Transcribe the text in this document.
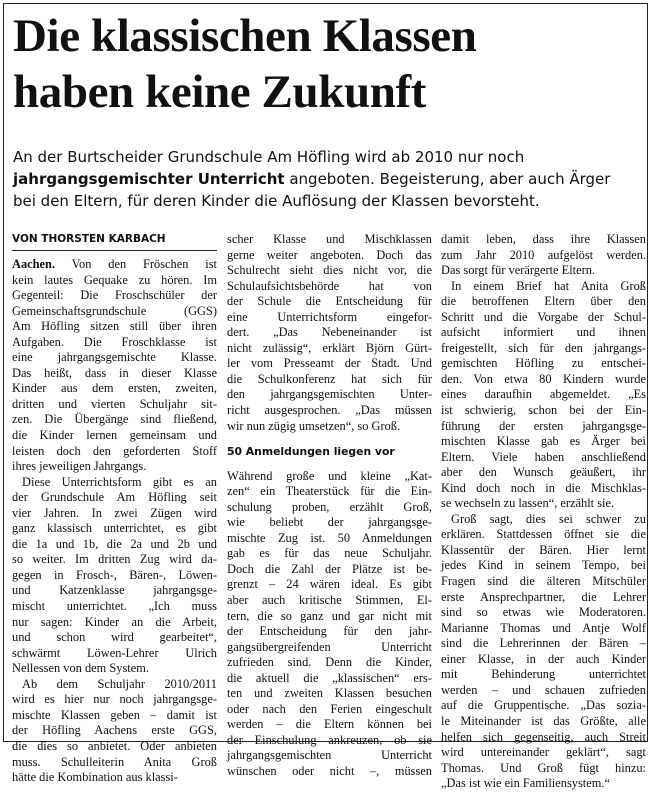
Die klassischen Klassen
haben keine Zukunft
An der Burtscheider Grundschule Am Höfling wird ab 2010 nur noch
jahrgangsgemischter Unterricht angeboten. Begeisterung, aber auch Ärger
bei den Eltern, für deren Kinder die Auflösung der Klassen bevorsteht.
VON THORSTEN KARBACH
Aachen. Von den Fröschen ist
kein lautes Gequake zu hören. Im
Gegenteil: Die Froschschüler der
Gemeinschaftsgrundschule (GGS)
Am Höfling sitzen still über ihren
Aufgaben. Die Froschklasse ist
eine jahrgangsgemischte Klasse.
Das heißt, dass in dieser Klasse
Kinder aus dem ersten, zweiten,
dritten und vierten Schuljahr sit-
zen. Die Übergänge sind fließend,
die Kinder lernen gemeinsam und
leisten doch den geforderten Stoff
ihres jeweiligen Jahrgangs.
Diese Unterrichtsform gibt es an
der Grundschule Am Höfling seit
vier Jahren. In zwei Zügen wird
ganz klassisch unterrichtet, es gibt
die 1a und 1b, die 2a und 2b und
so weiter. Im dritten Zug wird da-
gegen in Frosch-, Bären-, Löwen-
und Katzenklasse jahrgangsge-
mischt unterrichtet. „Ich muss
nur sagen: Kinder an die Arbeit,
und schon wird gearbeitet“,
schwärmt Löwen-Lehrer Ulrich
Nellessen von dem System.
Ab dem Schuljahr 2010/2011
wird es hier nur noch jahrgangsge-
mischte Klassen geben – damit ist
der Höfling Aachens erste GGS,
die dies so anbietet. Oder anbieten
muss. Schulleiterin Anita Groß
hätte die Kombination aus klassi-
scher Klasse und Mischklassen
gerne weiter angeboten. Doch das
Schulrecht sieht dies nicht vor, die
Schulaufsichtsbehörde hat von
der Schule die Entscheidung für
eine Unterrichtsform eingefor-
dert. „Das Nebeneinander ist
nicht zulässig“, erklärt Björn Gürt-
ler vom Presseamt der Stadt. Und
die Schulkonferenz hat sich für
den jahrgangsgemischten Unter-
richt ausgesprochen. „Das müssen
wir nun zügig umsetzen“, so Groß.
50 Anmeldungen liegen vor
Während große und kleine „Kat-
zen“ ein Theaterstück für die Ein-
schulung proben, erzählt Groß,
wie beliebt der jahrgangsge-
mischte Zug ist. 50 Anmeldungen
gab es für das neue Schuljahr.
Doch die Zahl der Plätze ist be-
grenzt – 24 wären ideal. Es gibt
aber auch kritische Stimmen, El-
tern, die so ganz und gar nicht mit
der Entscheidung für den jahr-
gangsübergreifenden Unterricht
zufrieden sind. Denn die Kinder,
die aktuell die „klassischen“ ers-
ten und zweiten Klassen besuchen
oder nach den Ferien eingeschult
werden – die Eltern können bei
der Einschulung ankreuzen, ob sie
jahrgangsgemischten Unterricht
wünschen oder nicht –, müssen
damit leben, dass ihre Klassen
zum Jahr 2010 aufgelöst werden.
Das sorgt für verärgerte Eltern.
In einem Brief hat Anita Groß
die betroffenen Eltern über den
Schritt und die Vorgabe der Schul-
aufsicht informiert und ihnen
freigestellt, sich für den jahrgangs-
gemischten Höfling zu entschei-
den. Von etwa 80 Kindern wurde
eines daraufhin abgemeldet. „Es
ist schwierig, schon bei der Ein-
führung der ersten jahrgangsge-
mischten Klasse gab es Ärger bei
Eltern. Viele haben anschließend
aber den Wunsch geäußert, ihr
Kind doch noch in die Mischklas-
se wechseln zu lassen“, erzählt sie.
Groß sagt, dies sei schwer zu
erklären. Stattdessen öffnet sie die
Klassentür der Bären. Hier lernt
jedes Kind in seinem Tempo, bei
Fragen sind die älteren Mitschüler
erste Ansprechpartner, die Lehrer
sind so etwas wie Moderatoren.
Marianne Thomas und Antje Wolf
sind die Lehrerinnen der Bären –
einer Klasse, in der auch Kinder
mit Behinderung unterrichtet
werden – und schauen zufrieden
auf die Gruppentische. „Das sozia-
le Miteinander ist das Größte, alle
helfen sich gegenseitig, auch Streit
wird untereinander geklärt“, sagt
Thomas. Und Groß fügt hinzu:
„Das ist wie ein Familiensystem.“
